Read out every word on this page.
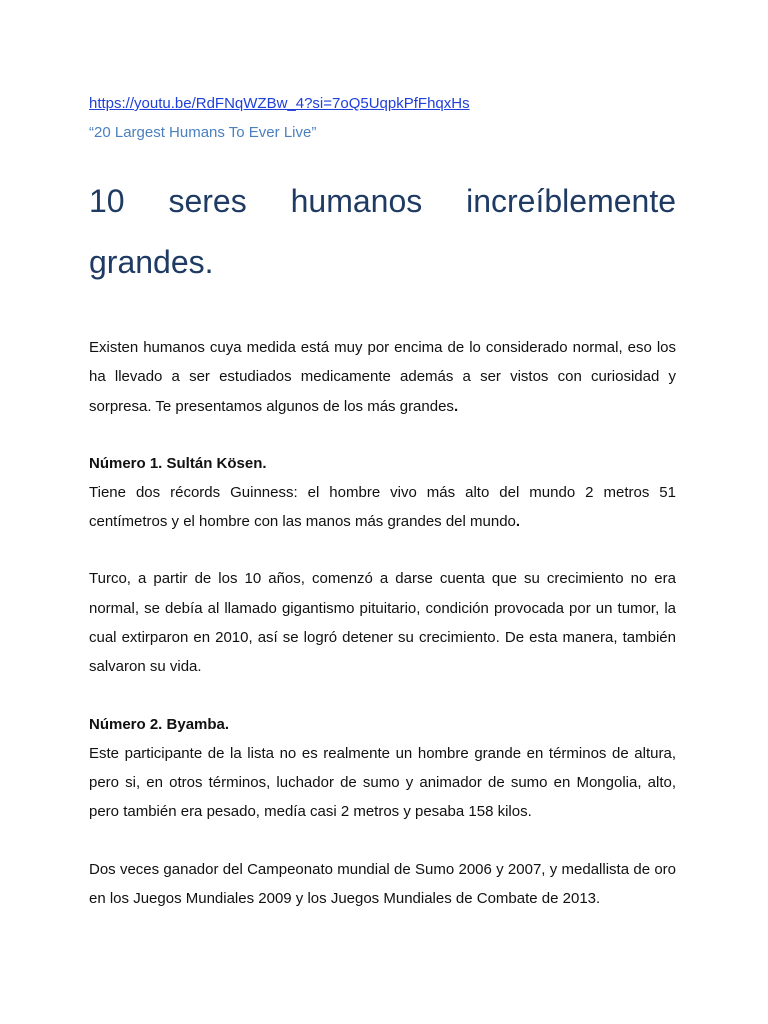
https://youtu.be/RdFNqWZBw_4?si=7oQ5UqpkPfFhqxHs
“20 Largest Humans To Ever Live”
10 seres humanos increíblemente grandes.

Existen humanos cuya medida está muy por encima de lo considerado normal, eso los ha llevado a ser estudiados medicamente además a ser vistos con curiosidad y sorpresa. Te presentamos algunos de los más grandes.

Número 1. Sultán Kösen.

Tiene dos récords Guinness: el hombre vivo más alto del mundo 2 metros 51 centímetros y el hombre con las manos más grandes del mundo.

Turco, a partir de los 10 años, comenzó a darse cuenta que su crecimiento no era normal, se debía al llamado gigantismo pituitario, condición provocada por un tumor, la cual extirparon en 2010, así se logró detener su crecimiento. De esta manera, también salvaron su vida.

Número 2. Byamba.

Este participante de la lista no es realmente un hombre grande en términos de altura, pero si, en otros términos, luchador de sumo y animador de sumo en Mongolia, alto, pero también era pesado, medía casi 2 metros y pesaba 158 kilos.

Dos veces ganador del Campeonato mundial de Sumo 2006 y 2007, y medallista de oro en los Juegos Mundiales 2009 y los Juegos Mundiales de Combate de 2013.
